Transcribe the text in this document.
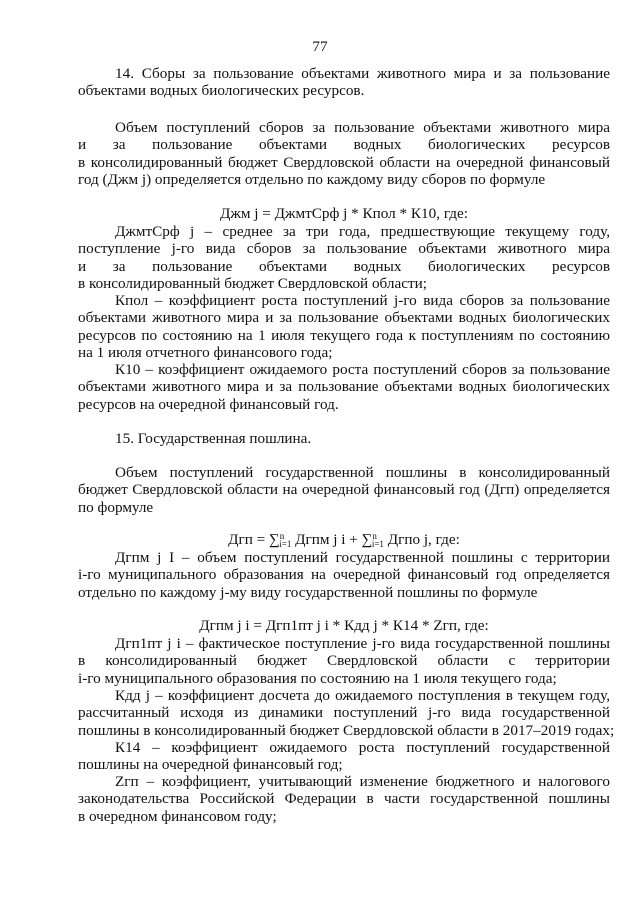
77
14. Сборы за пользование объектами животного мира и за пользование
объектами водных биологических ресурсов.
Объем поступлений сборов за пользование объектами животного мира
и за пользование объектами водных биологических ресурсов
в консолидированный бюджет Свердловской области на очередной финансовый
год (Джм j) определяется отдельно по каждому виду сборов по формуле
Джм j = ДжмтСрф j * Кпол * К10, где:
ДжмтСрф j – среднее за три года, предшествующие текущему году,
поступление j-го вида сборов за пользование объектами животного мира
и за пользование объектами водных биологических ресурсов
в консолидированный бюджет Свердловской области;
Кпол – коэффициент роста поступлений j-го вида сборов за пользование
объектами животного мира и за пользование объектами водных биологических
ресурсов по состоянию на 1 июля текущего года к поступлениям по состоянию
на 1 июля отчетного финансового года;
К10 – коэффициент ожидаемого роста поступлений сборов за пользование
объектами животного мира и за пользование объектами водных биологических
ресурсов на очередной финансовый год.
15. Государственная пошлина.
Объем поступлений государственной пошлины в консолидированный
бюджет Свердловской области на очередной финансовый год (Дгп) определяется
по формуле
Дгп = ∑$^n$i=1 Дгпм j i + ∑$^n$i=1 Дгпо j, где:
Дгпм j I – объем поступлений государственной пошлины с территории
i-го муниципального образования на очередной финансовый год определяется
отдельно по каждому j-му виду государственной пошлины по формуле
Дгпм j i = Дгп1пт j i * Кдд j * К14 * Zгп, где:
Дгп1пт j i – фактическое поступление j-го вида государственной пошлины
в консолидированный бюджет Свердловской области с территории
i-го муниципального образования по состоянию на 1 июля текущего года;
Кдд j – коэффициент досчета до ожидаемого поступления в текущем году,
рассчитанный исходя из динамики поступлений j-го вида государственной
пошлины в консолидированный бюджет Свердловской области в 2017–2019 годах;
К14 – коэффициент ожидаемого роста поступлений государственной
пошлины на очередной финансовый год;
Zгп – коэффициент, учитывающий изменение бюджетного и налогового
законодательства Российской Федерации в части государственной пошлины
в очередном финансовом году;
